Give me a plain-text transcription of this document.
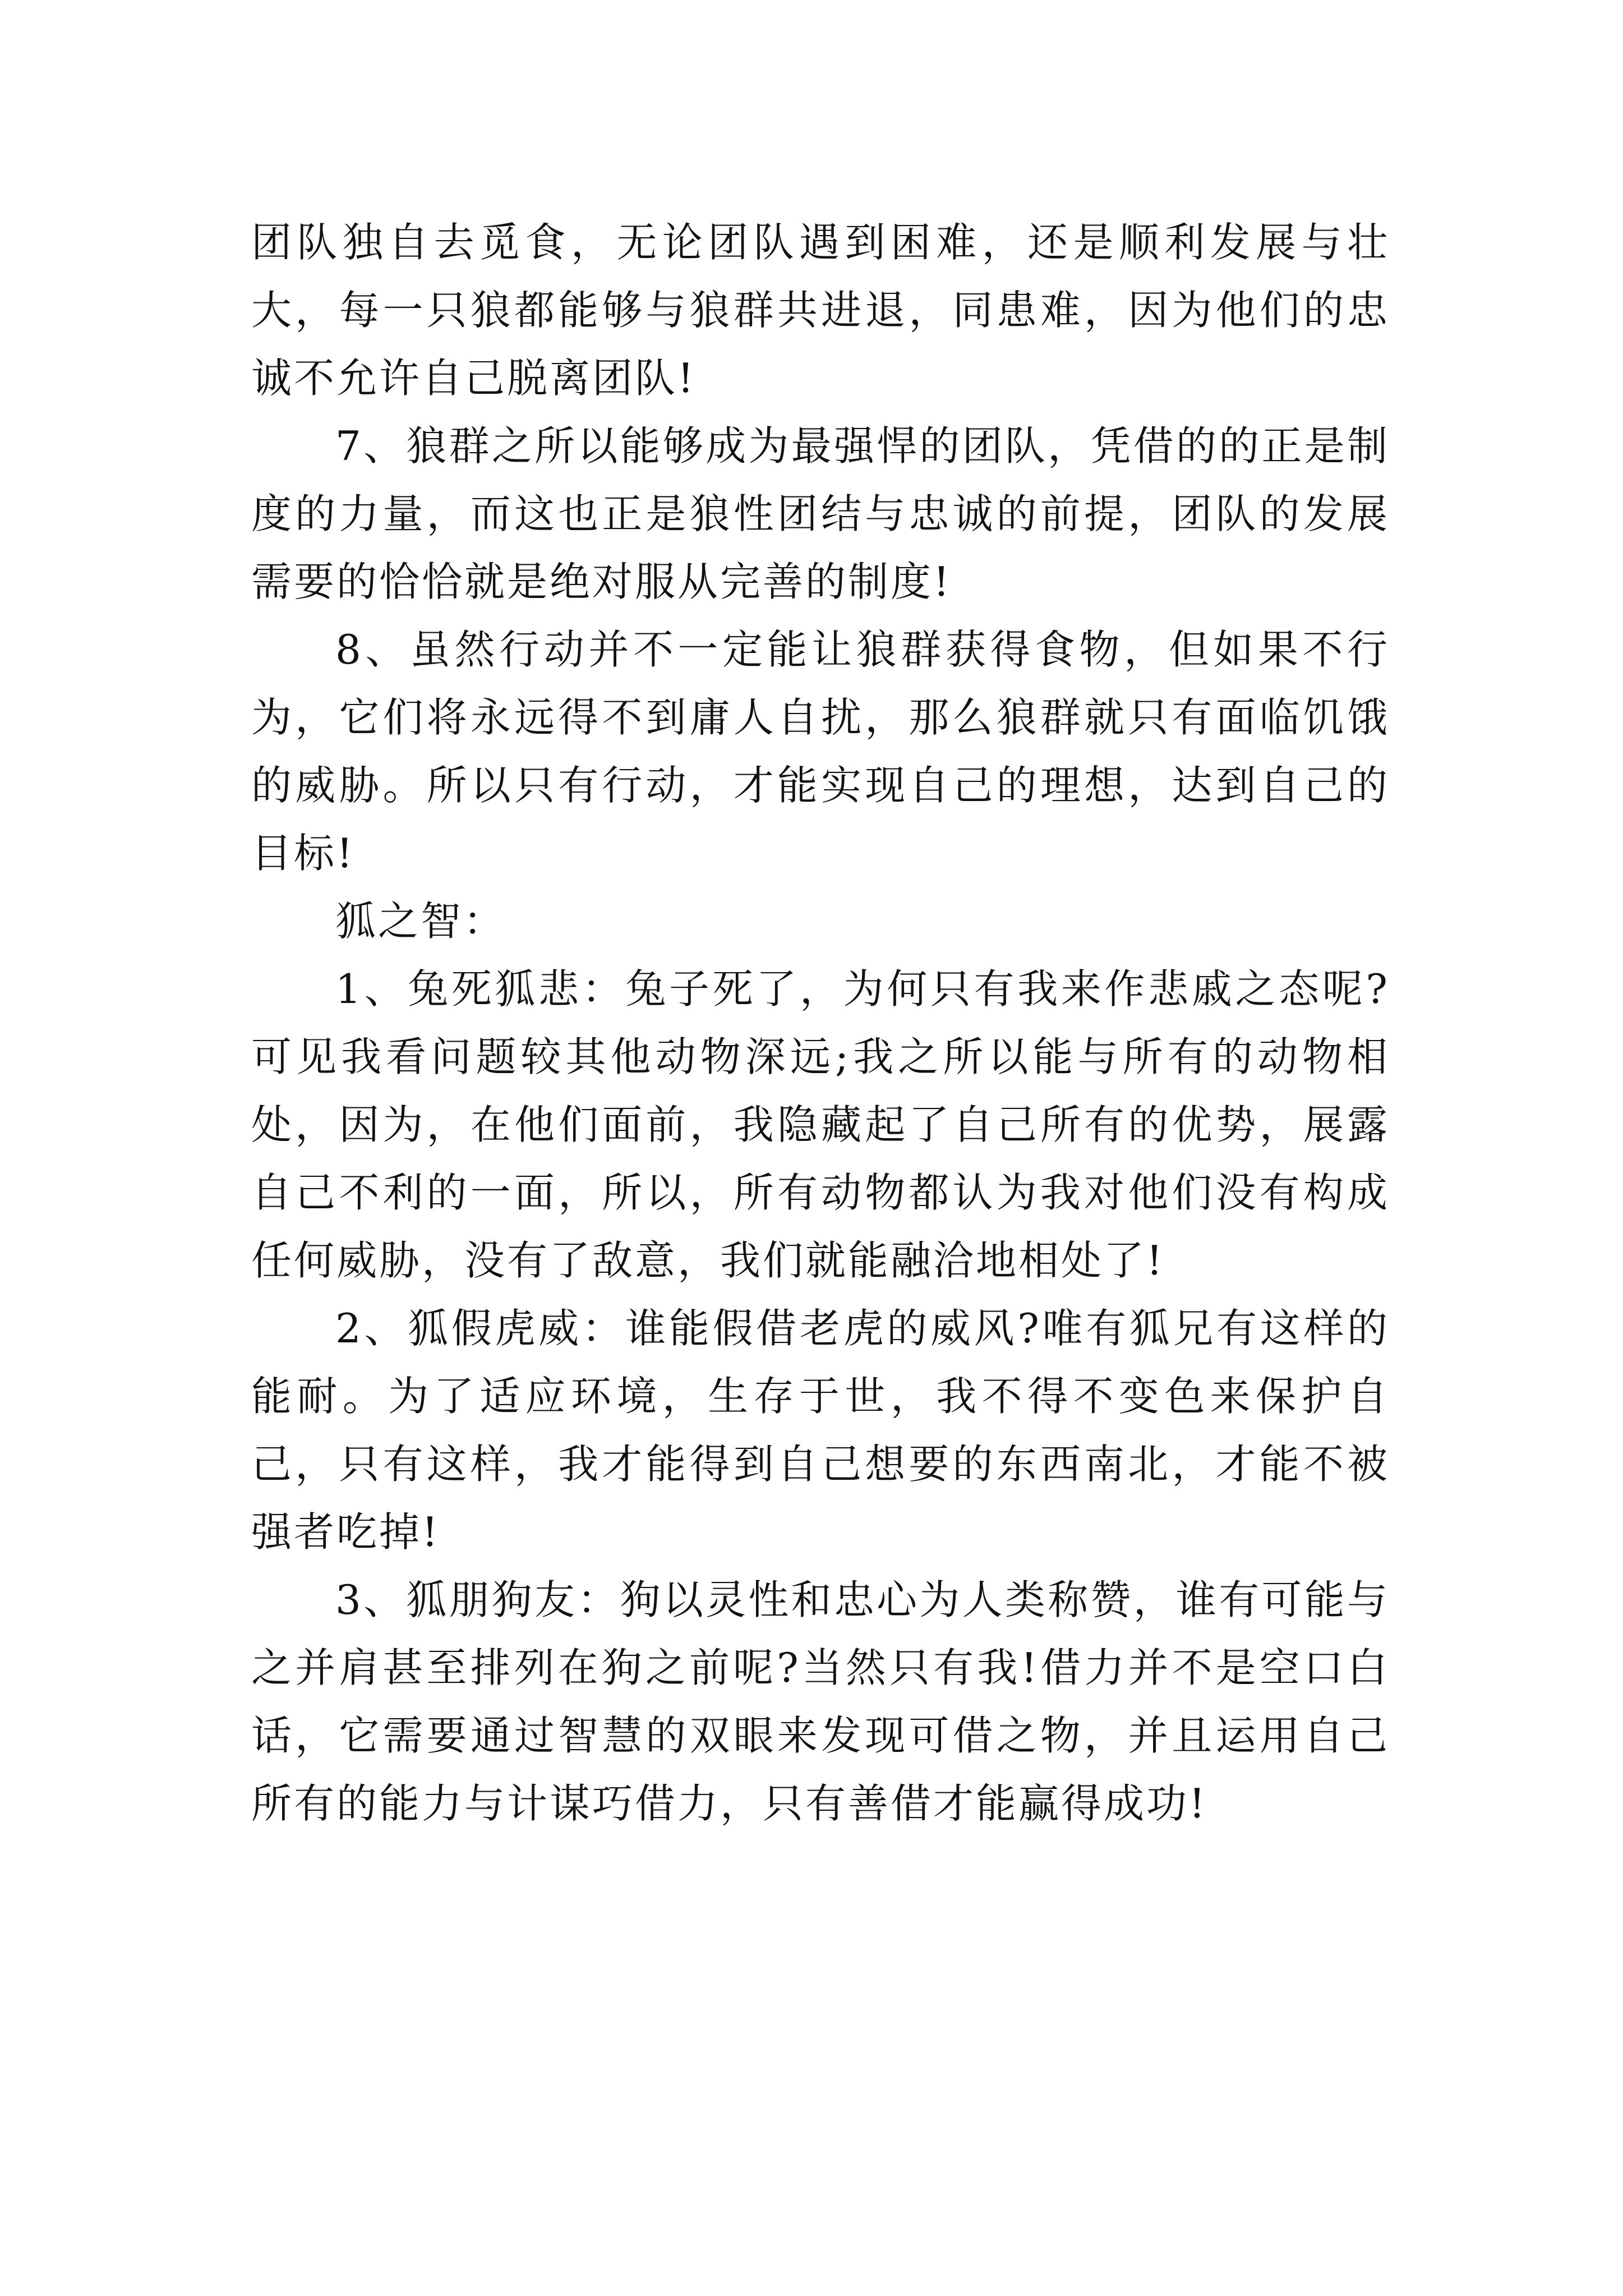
团队独自去觅食，无论团队遇到困难，还是顺利发展与壮大，每一只狼都能够与狼群共进退，同患难，因为他们的忠诚不允许自己脱离团队!

7、狼群之所以能够成为最强悍的团队，凭借的的正是制度的力量，而这也正是狼性团结与忠诚的前提，团队的发展需要的恰恰就是绝对服从完善的制度!

8、虽然行动并不一定能让狼群获得食物，但如果不行为，它们将永远得不到庸人自扰，那么狼群就只有面临饥饿的威胁。所以只有行动，才能实现自己的理想，达到自己的目标!

狐之智：

1、兔死狐悲：兔子死了，为何只有我来作悲戚之态呢?可见我看问题较其他动物深远;我之所以能与所有的动物相处，因为，在他们面前，我隐藏起了自己所有的优势，展露自己不利的一面，所以，所有动物都认为我对他们没有构成任何威胁，没有了敌意，我们就能融洽地相处了!

2、狐假虎威：谁能假借老虎的威风?唯有狐兄有这样的能耐。为了适应环境，生存于世，我不得不变色来保护自己，只有这样，我才能得到自己想要的东西南北，才能不被强者吃掉!

3、狐朋狗友：狗以灵性和忠心为人类称赞，谁有可能与之并肩甚至排列在狗之前呢?当然只有我!借力并不是空口白话，它需要通过智慧的双眼来发现可借之物，并且运用自己所有的能力与计谋巧借力，只有善借才能赢得成功!
